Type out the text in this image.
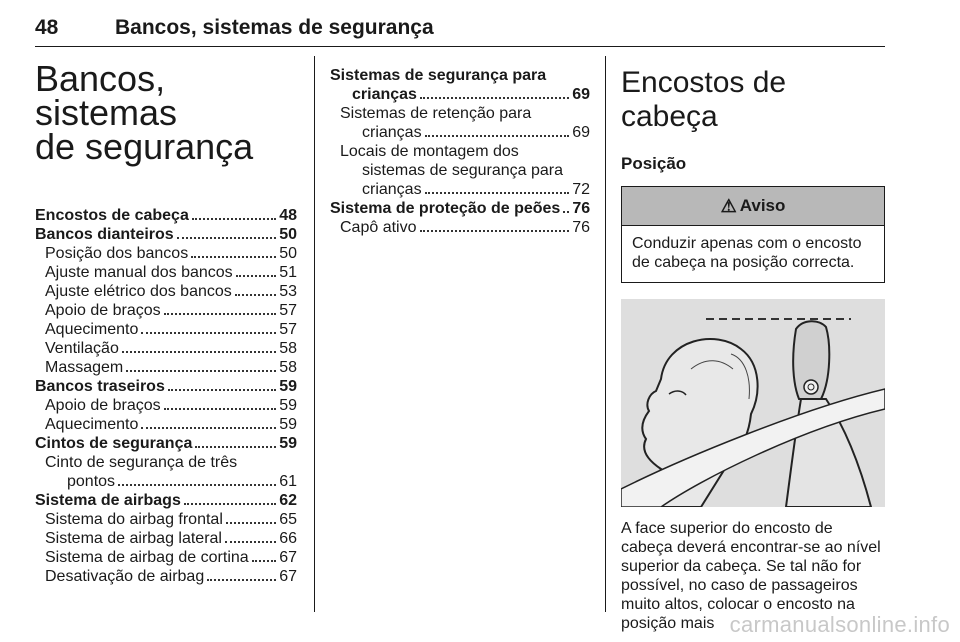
48	Bancos, sistemas de segurança
Bancos, sistemas
de segurança
Encostos de cabeça	48
Bancos dianteiros	50
Posição dos bancos	50
Ajuste manual dos bancos	51
Ajuste elétrico dos bancos	53
Apoio de braços	57
Aquecimento	57
Ventilação	58
Massagem	58
Bancos traseiros	59
Apoio de braços	59
Aquecimento	59
Cintos de segurança	59
Cinto de segurança de três
pontos	61
Sistema de airbags	62
Sistema do airbag frontal	65
Sistema de airbag lateral	66
Sistema de airbag de cortina 67
Desativação de airbag	67
Sistemas de segurança para
crianças	69
Sistemas de retenção para
crianças	69
Locais de montagem dos
sistemas de segurança para
crianças	72
Sistema de proteção de peões 76
Capô ativo	76
Encostos de cabeça
Posição
⚠ Aviso
Conduzir apenas com o encosto de cabeça na posição correcta.
A face superior do encosto de cabeça deverá encontrar-se ao nível superior da cabeça. Se tal não for possível, no caso de passageiros muito altos, colocar o encosto na posição mais carmanualsonline.info
